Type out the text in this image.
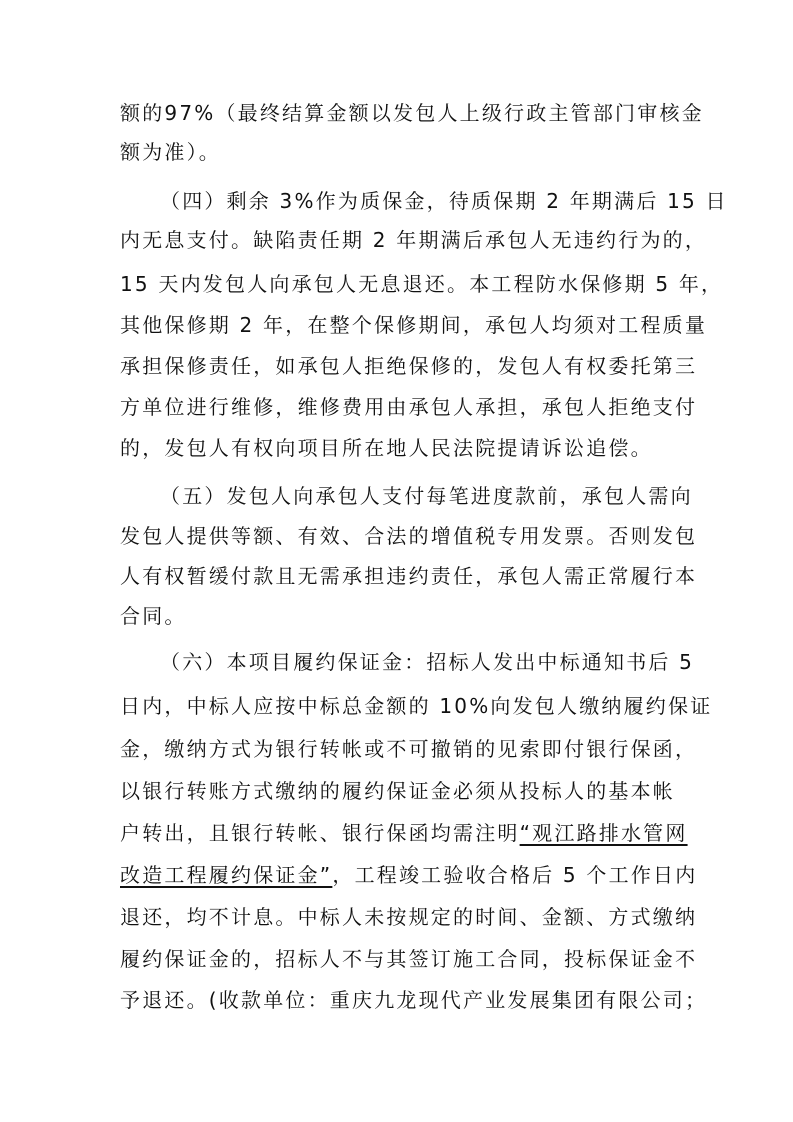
额的97%（最终结算金额以发包人上级行政主管部门审核金
额为准）。
（四）剩余 3%作为质保金，待质保期 2 年期满后 15 日
内无息支付。缺陷责任期 2 年期满后承包人无违约行为的，
15 天内发包人向承包人无息退还。本工程防水保修期 5 年，
其他保修期 2 年，在整个保修期间，承包人均须对工程质量
承担保修责任，如承包人拒绝保修的，发包人有权委托第三
方单位进行维修，维修费用由承包人承担，承包人拒绝支付
的，发包人有权向项目所在地人民法院提请诉讼追偿。
（五）发包人向承包人支付每笔进度款前，承包人需向
发包人提供等额、有效、合法的增值税专用发票。否则发包
人有权暂缓付款且无需承担违约责任，承包人需正常履行本
合同。
（六）本项目履约保证金：招标人发出中标通知书后 5
日内，中标人应按中标总金额的 10%向发包人缴纳履约保证
金，缴纳方式为银行转帐或不可撤销的见索即付银行保函，
以银行转账方式缴纳的履约保证金必须从投标人的基本帐
户转出，且银行转帐、银行保函均需注明“观江路排水管网
改造工程履约保证金”，工程竣工验收合格后 5 个工作日内
退还，均不计息。中标人未按规定的时间、金额、方式缴纳
履约保证金的，招标人不与其签订施工合同，投标保证金不
予退还。(收款单位：重庆九龙现代产业发展集团有限公司；
